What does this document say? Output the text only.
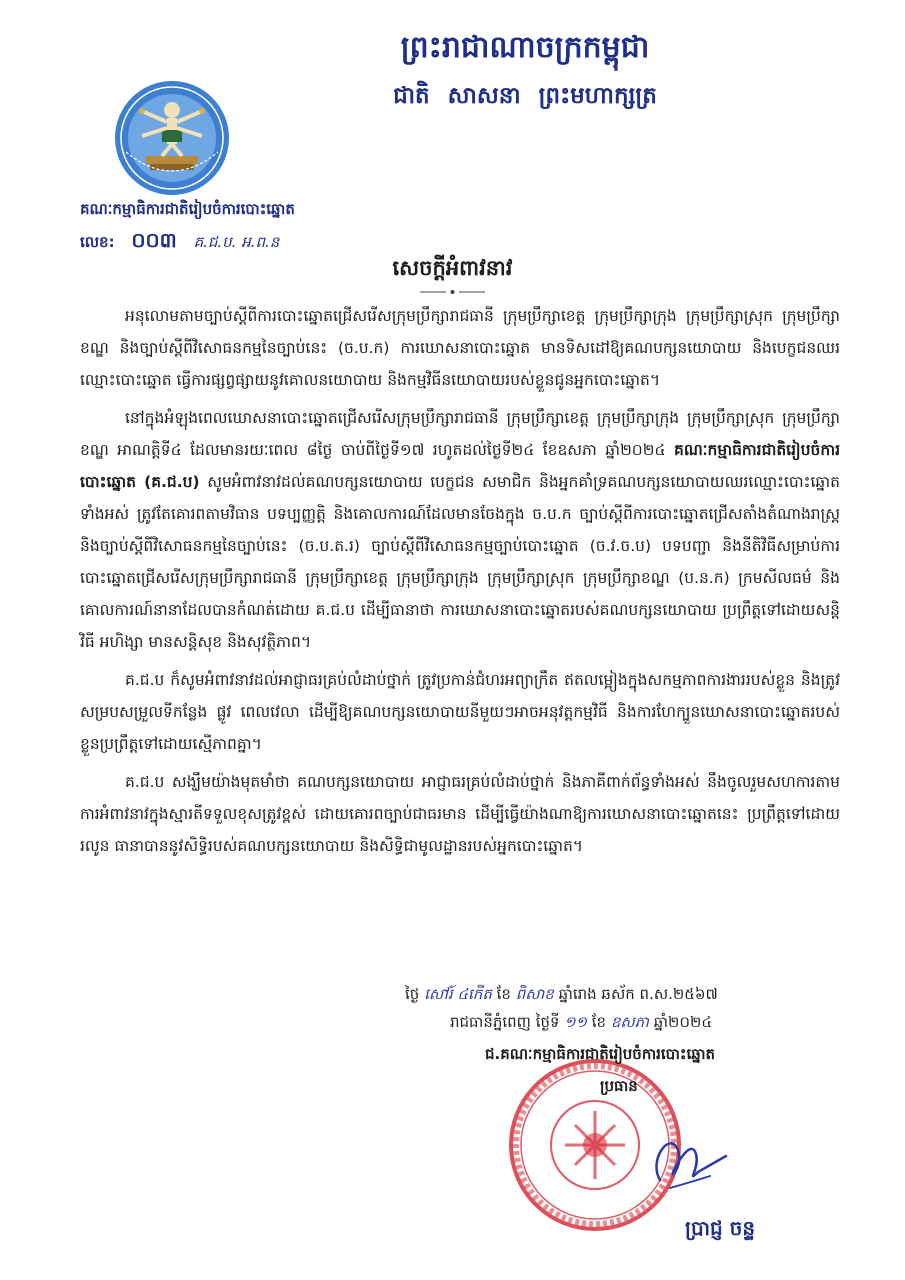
ព្រះរាជាណាចក្រកម្ពុជា
ជាតិ សាសនា ព្រះមហាក្សត្រ
គណៈកម្មាធិការជាតិរៀបចំការបោះឆ្នោត
លេខ: ០០៣ គ.ជ.ប. អ.ព.ន
សេចក្ដីអំពាវនាវ

អនុលោមតាមច្បាប់ស្ដីពីការបោះឆ្នោតជ្រើសរើសក្រុមប្រឹក្សារាជធានី ក្រុមប្រឹក្សាខេត្ត ក្រុមប្រឹក្សាក្រុង ក្រុមប្រឹក្សាស្រុក ក្រុមប្រឹក្សាខណ្ឌ និងច្បាប់ស្ដីពីវិសោធនកម្មនៃច្បាប់នេះ (ច.ប.ក) ការឃោសនាបោះឆ្នោត មានទិសដៅឱ្យគណបក្សនយោបាយ និងបេក្ខជនឈរឈ្មោះបោះឆ្នោត ធ្វើការផ្សព្វផ្សាយនូវគោលនយោបាយ និងកម្មវិធីនយោបាយរបស់ខ្លួនជូនអ្នកបោះឆ្នោត។

នៅក្នុងអំឡុងពេលឃោសនាបោះឆ្នោតជ្រើសរើសក្រុមប្រឹក្សារាជធានី ក្រុមប្រឹក្សាខេត្ត ក្រុមប្រឹក្សាក្រុង ក្រុមប្រឹក្សាស្រុក ក្រុមប្រឹក្សាខណ្ឌ អាណត្តិទី៤ ដែលមានរយៈពេល ៨ថ្ងៃ ចាប់ពីថ្ងៃទី១៧ រហូតដល់ថ្ងៃទី២៤ ខែឧសភា ឆ្នាំ២០២៤ គណៈកម្មាធិការជាតិរៀបចំការបោះឆ្នោត (គ.ជ.ប) សូមអំពាវនាវដល់គណបក្សនយោបាយ បេក្ខជន សមាជិក និងអ្នកគាំទ្រគណបក្សនយោបាយឈរឈ្មោះបោះឆ្នោតទាំងអស់ ត្រូវតែគោរពតាមវិធាន បទប្បញ្ញត្តិ និងគោលការណ៍ដែលមានចែងក្នុង ច.ប.ក ច្បាប់ស្ដីពីការបោះឆ្នោតជ្រើសតាំងតំណាងរាស្ត្រ និងច្បាប់ស្ដីពីវិសោធនកម្មនៃច្បាប់នេះ (ច.ប.ត.រ) ច្បាប់ស្ដីពីវិសោធនកម្មច្បាប់បោះឆ្នោត (ច.វ.ច.ប) បទបញ្ជា និងនីតិវិធីសម្រាប់ការបោះឆ្នោតជ្រើសរើសក្រុមប្រឹក្សារាជធានី ក្រុមប្រឹក្សាខេត្ត ក្រុមប្រឹក្សាក្រុង ក្រុមប្រឹក្សាស្រុក ក្រុមប្រឹក្សាខណ្ឌ (ប.ន.ក) ក្រមសីលធម៌ និងគោលការណ៍នានាដែលបានកំណត់ដោយ គ.ជ.ប ដើម្បីធានាថា ការឃោសនាបោះឆ្នោតរបស់គណបក្សនយោបាយ ប្រព្រឹត្តទៅដោយសន្តិវិធី អហិង្សា មានសន្តិសុខ និងសុវត្ថិភាព។

គ.ជ.ប ក៏សូមអំពាវនាវដល់អាជ្ញាធរគ្រប់លំដាប់ថ្នាក់ ត្រូវប្រកាន់ជំហរអព្យាក្រឹត ឥតលម្អៀងក្នុងសកម្មភាពការងាររបស់ខ្លួន និងត្រូវសម្របសម្រួលទីកន្លែង ផ្លូវ ពេលវេលា ដើម្បីឱ្យគណបក្សនយោបាយនីមួយៗអាចអនុវត្តកម្មវិធី និងការហែក្បួនឃោសនាបោះឆ្នោតរបស់ខ្លួនប្រព្រឹត្តទៅដោយស្មើភាពគ្នា។

គ.ជ.ប សង្ឃឹមយ៉ាងមុតមាំថា គណបក្សនយោបាយ អាជ្ញាធរគ្រប់លំដាប់ថ្នាក់ និងភាគីពាក់ព័ន្ធទាំងអស់ នឹងចូលរួមសហការតាមការអំពាវនាវក្នុងស្មារតីទទួលខុសត្រូវខ្ពស់ ដោយគោរពច្បាប់ជាធរមាន ដើម្បីធ្វើយ៉ាងណាឱ្យការឃោសនាបោះឆ្នោតនេះ ប្រព្រឹត្តទៅដោយរលូន ធានាបាននូវសិទ្ធិរបស់គណបក្សនយោបាយ និងសិទ្ធិជាមូលដ្ឋានរបស់អ្នកបោះឆ្នោត។

ថ្ងៃ សៅរ៍ ៤កើត ខែ ពិសាខ ឆ្នាំរោង ឆស័ក ព.ស.២៥៦៧
រាជធានីភ្នំពេញ ថ្ងៃទី ១១ ខែ ឧសភា ឆ្នាំ២០២៤
ជ.គណៈកម្មាធិការជាតិរៀបចំការបោះឆ្នោត
ប្រធាន
ប្រាជ្ញ ចន្ទ
